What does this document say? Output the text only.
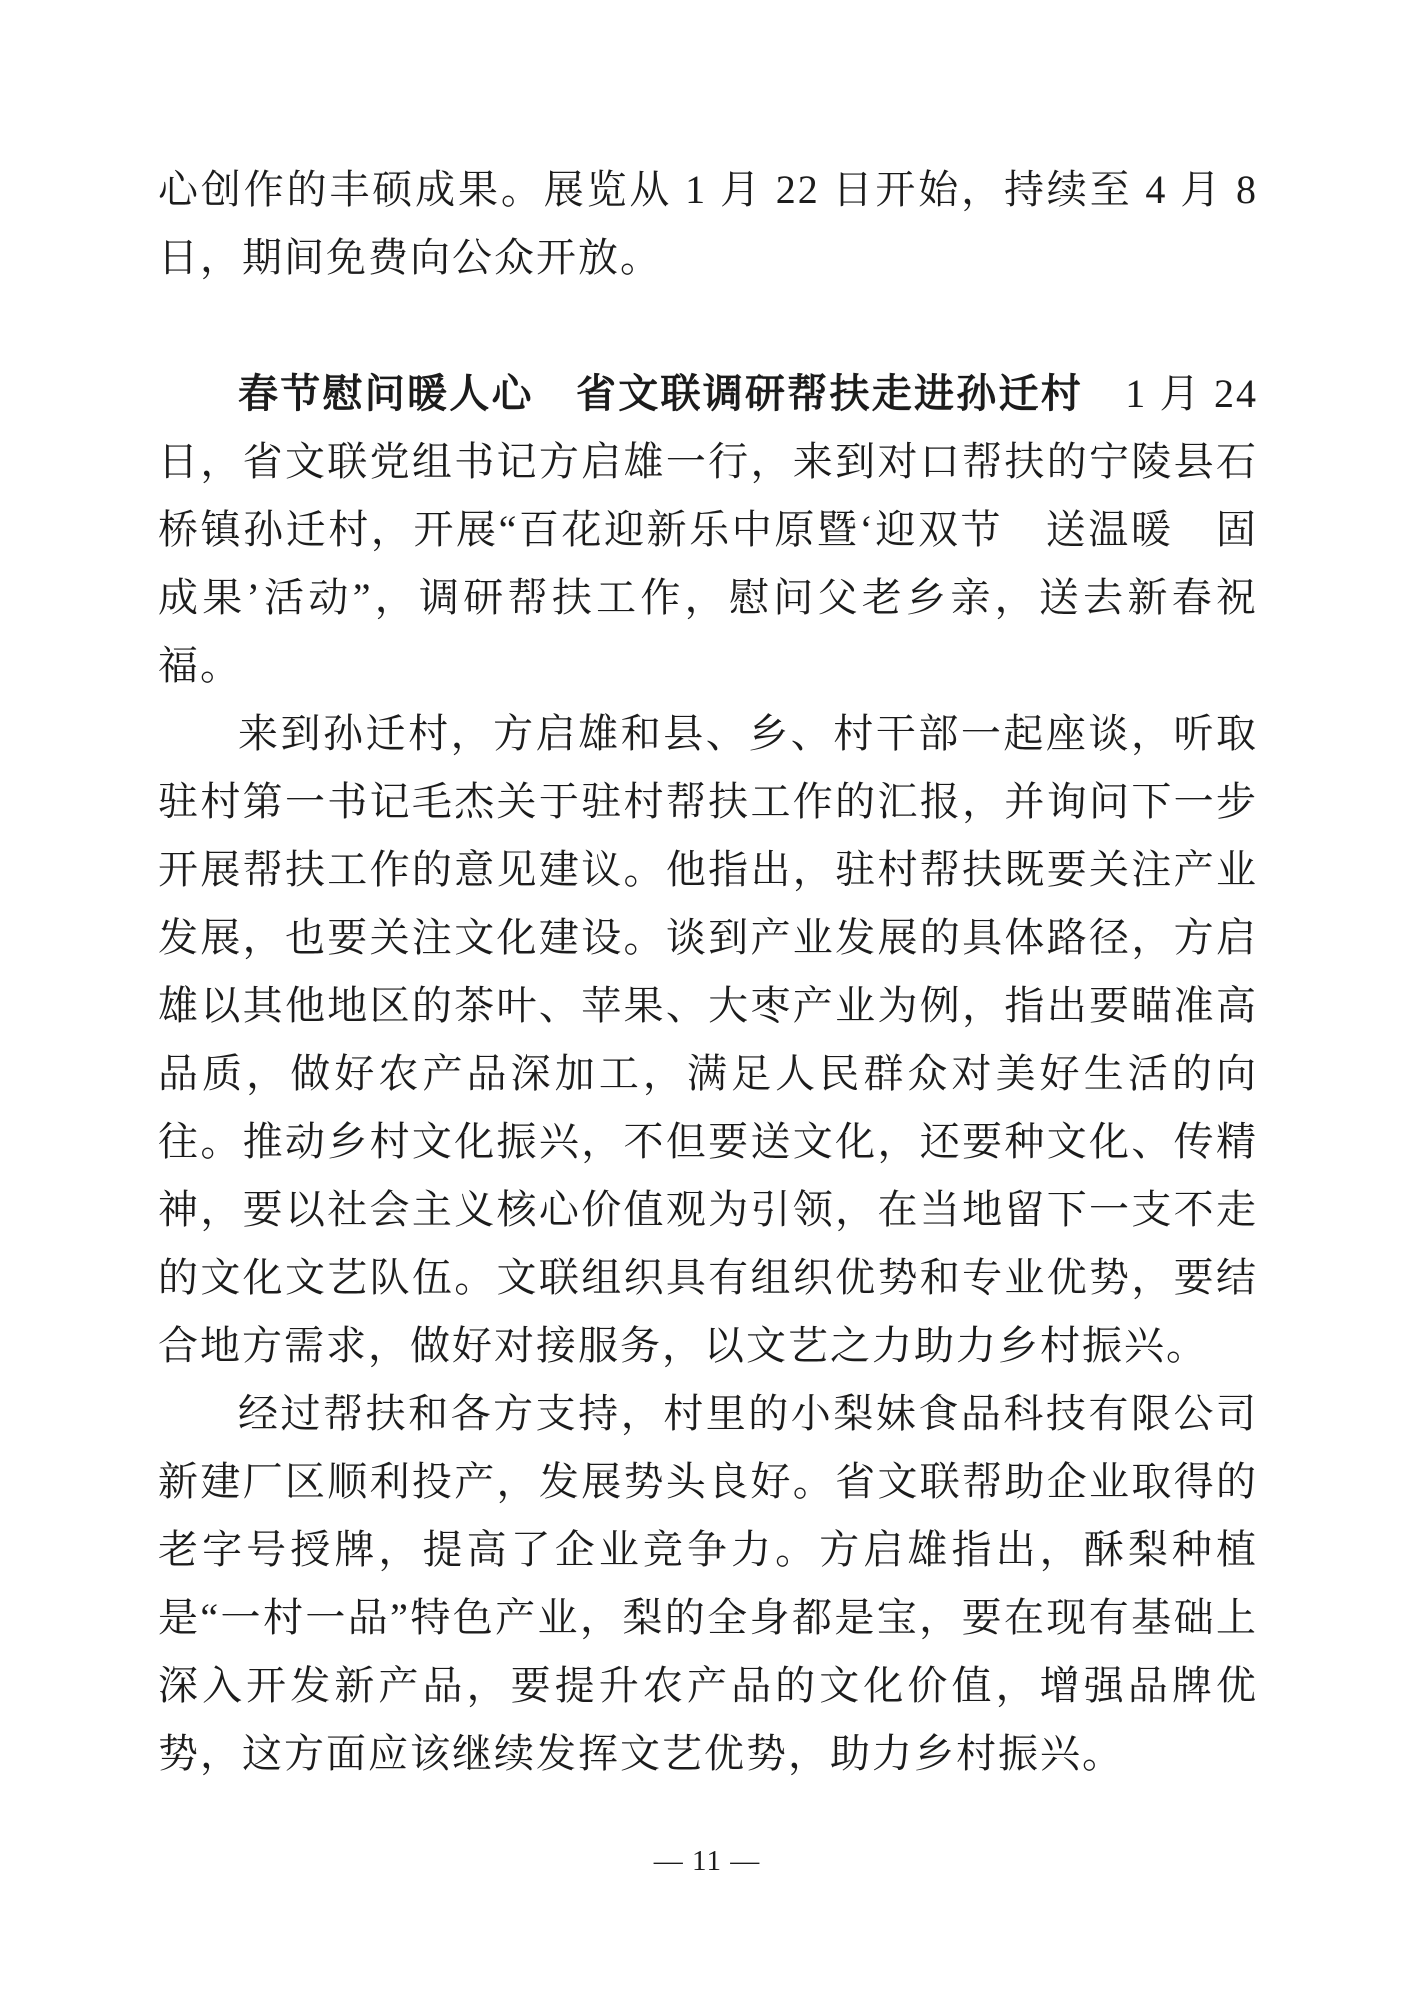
心创作的丰硕成果。展览从 1 月 22 日开始，持续至 4 月 8 日，期间免费向公众开放。

春节慰问暖人心　省文联调研帮扶走进孙迁村　1 月 24 日，省文联党组书记方启雄一行，来到对口帮扶的宁陵县石桥镇孙迁村，开展“百花迎新乐中原暨‘迎双节　送温暖　固成果’活动”，调研帮扶工作，慰问父老乡亲，送去新春祝福。

来到孙迁村，方启雄和县、乡、村干部一起座谈，听取驻村第一书记毛杰关于驻村帮扶工作的汇报，并询问下一步开展帮扶工作的意见建议。他指出，驻村帮扶既要关注产业发展，也要关注文化建设。谈到产业发展的具体路径，方启雄以其他地区的茶叶、苹果、大枣产业为例，指出要瞄准高品质，做好农产品深加工，满足人民群众对美好生活的向往。推动乡村文化振兴，不但要送文化，还要种文化、传精神，要以社会主义核心价值观为引领，在当地留下一支不走的文化文艺队伍。文联组织具有组织优势和专业优势，要结合地方需求，做好对接服务，以文艺之力助力乡村振兴。

经过帮扶和各方支持，村里的小梨妹食品科技有限公司新建厂区顺利投产，发展势头良好。省文联帮助企业取得的老字号授牌，提高了企业竞争力。方启雄指出，酥梨种植是“一村一品”特色产业，梨的全身都是宝，要在现有基础上深入开发新产品，要提升农产品的文化价值，增强品牌优势，这方面应该继续发挥文艺优势，助力乡村振兴。

— 11 —
